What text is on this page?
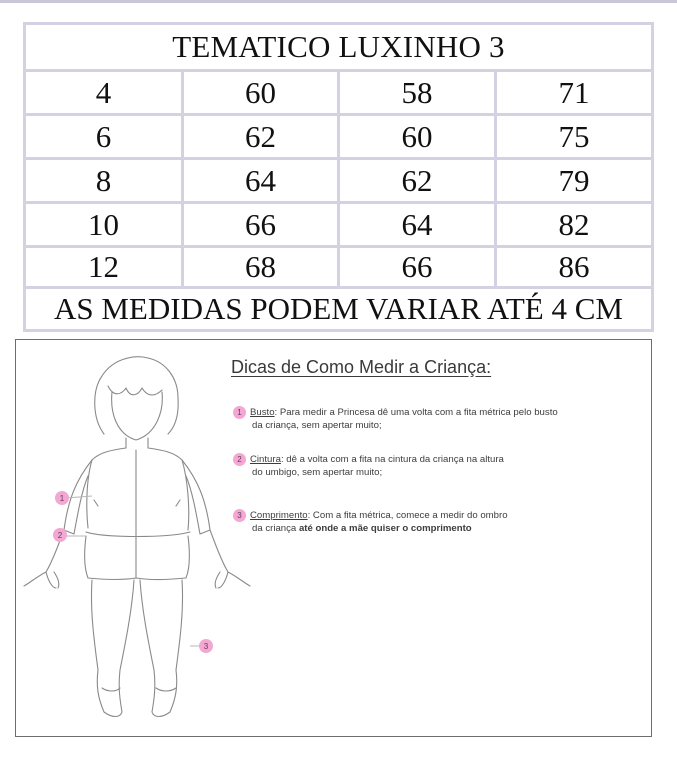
TEMATICO LUXINHO 3
4	60	58	71
6	62	60	75
8	64	62	79
10	66	64	82
12	68	66	86
AS MEDIDAS PODEM VARIAR ATÉ 4 CM
1
2
3
Dicas de Como Medir a Criança:
1 Busto: Para medir a Princesa dê uma volta com a fita métrica pelo busto
da criança, sem apertar muito;
2 Cintura: dê a volta com a fita na cintura da criança na altura
do umbigo, sem apertar muito;
3 Comprimento: Com a fita métrica, comece a medir do ombro
da criança até onde a mãe quiser o comprimento
